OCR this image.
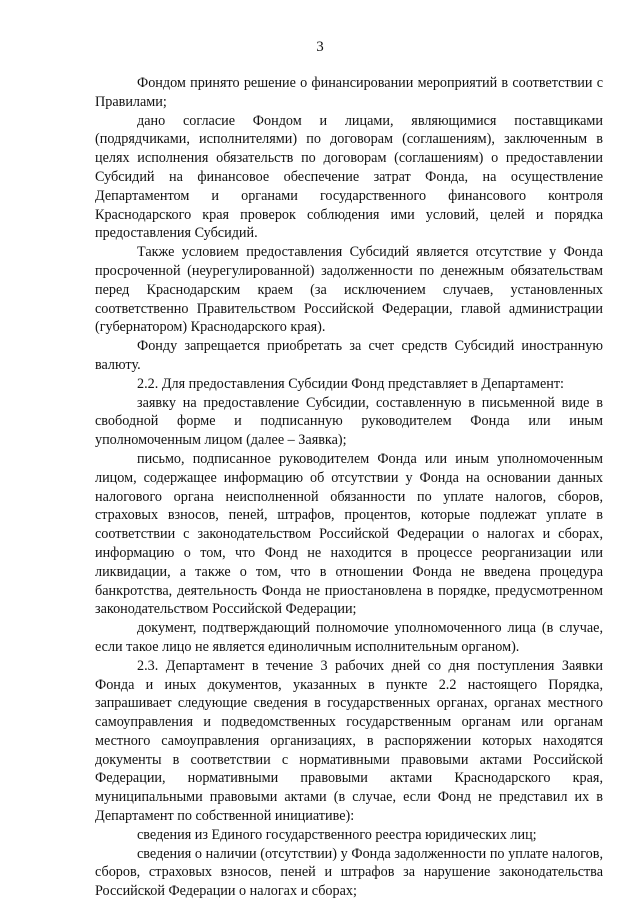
3

Фондом принято решение о финансировании мероприятий в соответствии с Правилами;

дано согласие Фондом и лицами, являющимися поставщиками (подрядчиками, исполнителями) по договорам (соглашениям), заключенным в целях исполнения обязательств по договорам (соглашениям) о предоставлении Субсидий на финансовое обеспечение затрат Фонда, на осуществление Департаментом и органами государственного финансового контроля Краснодарского края проверок соблюдения ими условий, целей и порядка предоставления Субсидий.

Также условием предоставления Субсидий является отсутствие у Фонда просроченной (неурегулированной) задолженности по денежным обязательствам перед Краснодарским краем (за исключением случаев, установленных соответственно Правительством Российской Федерации, главой администрации (губернатором) Краснодарского края).

Фонду запрещается приобретать за счет средств Субсидий иностранную валюту.

2.2. Для предоставления Субсидии Фонд представляет в Департамент:

заявку на предоставление Субсидии, составленную в письменной виде в свободной форме и подписанную руководителем Фонда или иным уполномоченным лицом (далее – Заявка);

письмо, подписанное руководителем Фонда или иным уполномоченным лицом, содержащее информацию об отсутствии у Фонда на основании данных налогового органа неисполненной обязанности по уплате налогов, сборов, страховых взносов, пеней, штрафов, процентов, которые подлежат уплате в соответствии с законодательством Российской Федерации о налогах и сборах, информацию о том, что Фонд не находится в процессе реорганизации или ликвидации, а также о том, что в отношении Фонда не введена процедура банкротства, деятельность Фонда не приостановлена в порядке, предусмотренном законодательством Российской Федерации;

документ, подтверждающий полномочие уполномоченного лица (в случае, если такое лицо не является единоличным исполнительным органом).

2.3. Департамент в течение 3 рабочих дней со дня поступления Заявки Фонда и иных документов, указанных в пункте 2.2 настоящего Порядка, запрашивает следующие сведения в государственных органах, органах местного самоуправления и подведомственных государственным органам или органам местного самоуправления организациях, в распоряжении которых находятся документы в соответствии с нормативными правовыми актами Российской Федерации, нормативными правовыми актами Краснодарского края, муниципальными правовыми актами (в случае, если Фонд не представил их в Департамент по собственной инициативе):

сведения из Единого государственного реестра юридических лиц;

сведения о наличии (отсутствии) у Фонда задолженности по уплате налогов, сборов, страховых взносов, пеней и штрафов за нарушение законодательства Российской Федерации о налогах и сборах;
